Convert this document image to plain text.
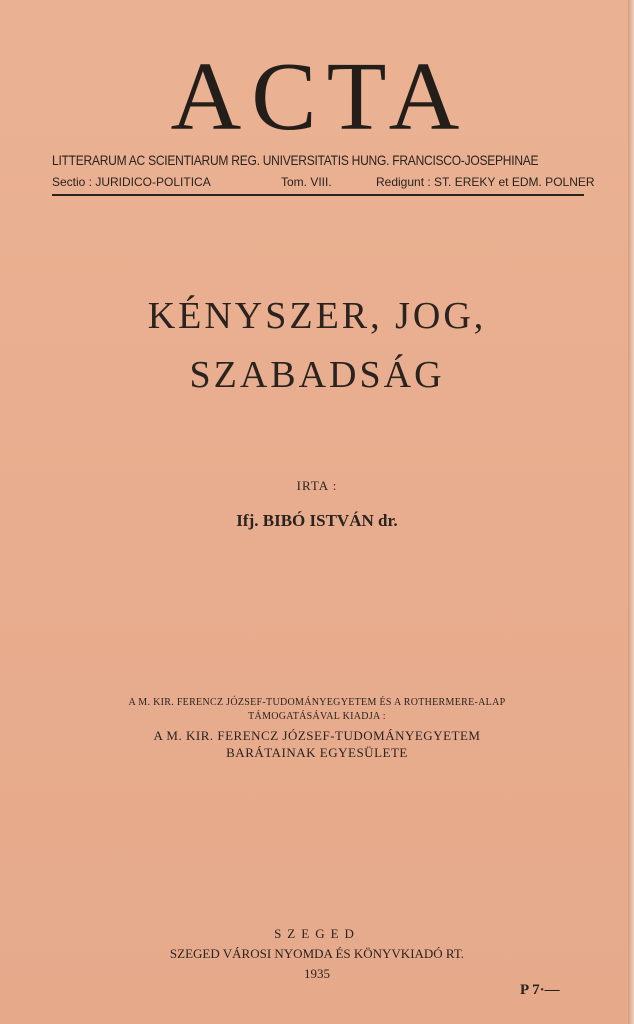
ACTA
LITTERARUM AC SCIENTIARUM REG. UNIVERSITATIS HUNG. FRANCISCO-JOSEPHINAE
Sectio : JURIDICO-POLITICA	Tom. VIII.	Redigunt : ST. EREKY et EDM. POLNER
KÉNYSZER, JOG,
SZABADSÁG
IRTA :
Ifj. BIBÓ ISTVÁN dr.
A M. KIR. FERENCZ JÓZSEF-TUDOMÁNYEGYETEM ÉS A ROTHERMERE-ALAP
TÁMOGATÁSÁVAL KIADJA :
A M. KIR. FERENCZ JÓZSEF-TUDOMÁNYEGYETEM
BARÁTAINAK EGYESÜLETE
SZEGED
SZEGED VÁROSI NYOMDA ÉS KÖNYVKIADÓ RT.
1935
P 7·—
